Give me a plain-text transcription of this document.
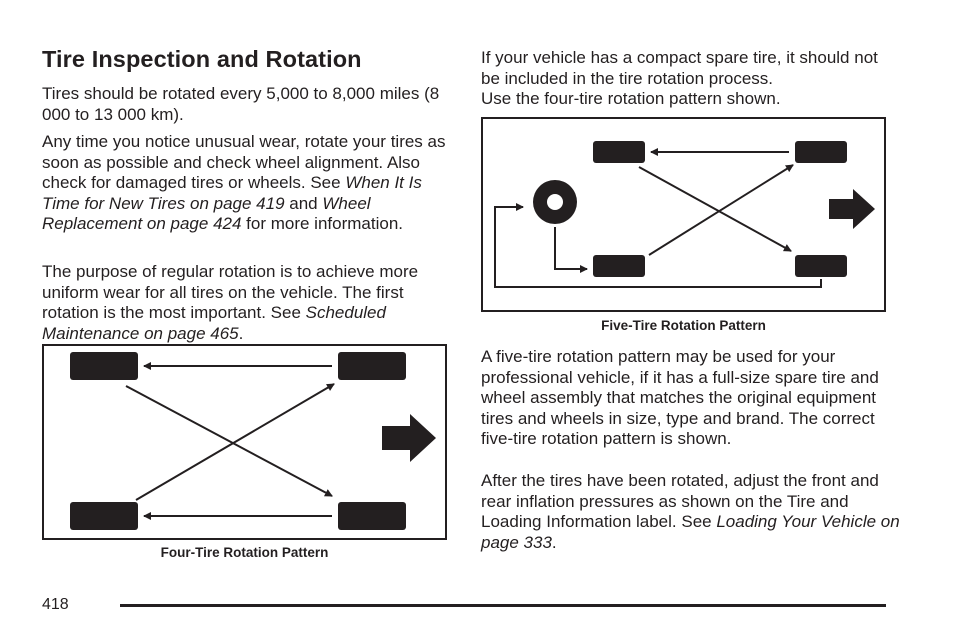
Tire Inspection and Rotation

Tires should be rotated every 5,000 to 8,000 miles (8 000 to 13 000 km).

Any time you notice unusual wear, rotate your tires as soon as possible and check wheel alignment. Also check for damaged tires or wheels. See When It Is Time for New Tires on page 419 and Wheel Replacement on page 424 for more information.

The purpose of regular rotation is to achieve more uniform wear for all tires on the vehicle. The first rotation is the most important. See Scheduled Maintenance on page 465.

Four-Tire Rotation Pattern

If your vehicle has a compact spare tire, it should not be included in the tire rotation process.

Use the four-tire rotation pattern shown.

Five-Tire Rotation Pattern

A five-tire rotation pattern may be used for your professional vehicle, if it has a full-size spare tire and wheel assembly that matches the original equipment tires and wheels in size, type and brand. The correct five-tire rotation pattern is shown.

After the tires have been rotated, adjust the front and rear inflation pressures as shown on the Tire and Loading Information label. See Loading Your Vehicle on page 333.

418
